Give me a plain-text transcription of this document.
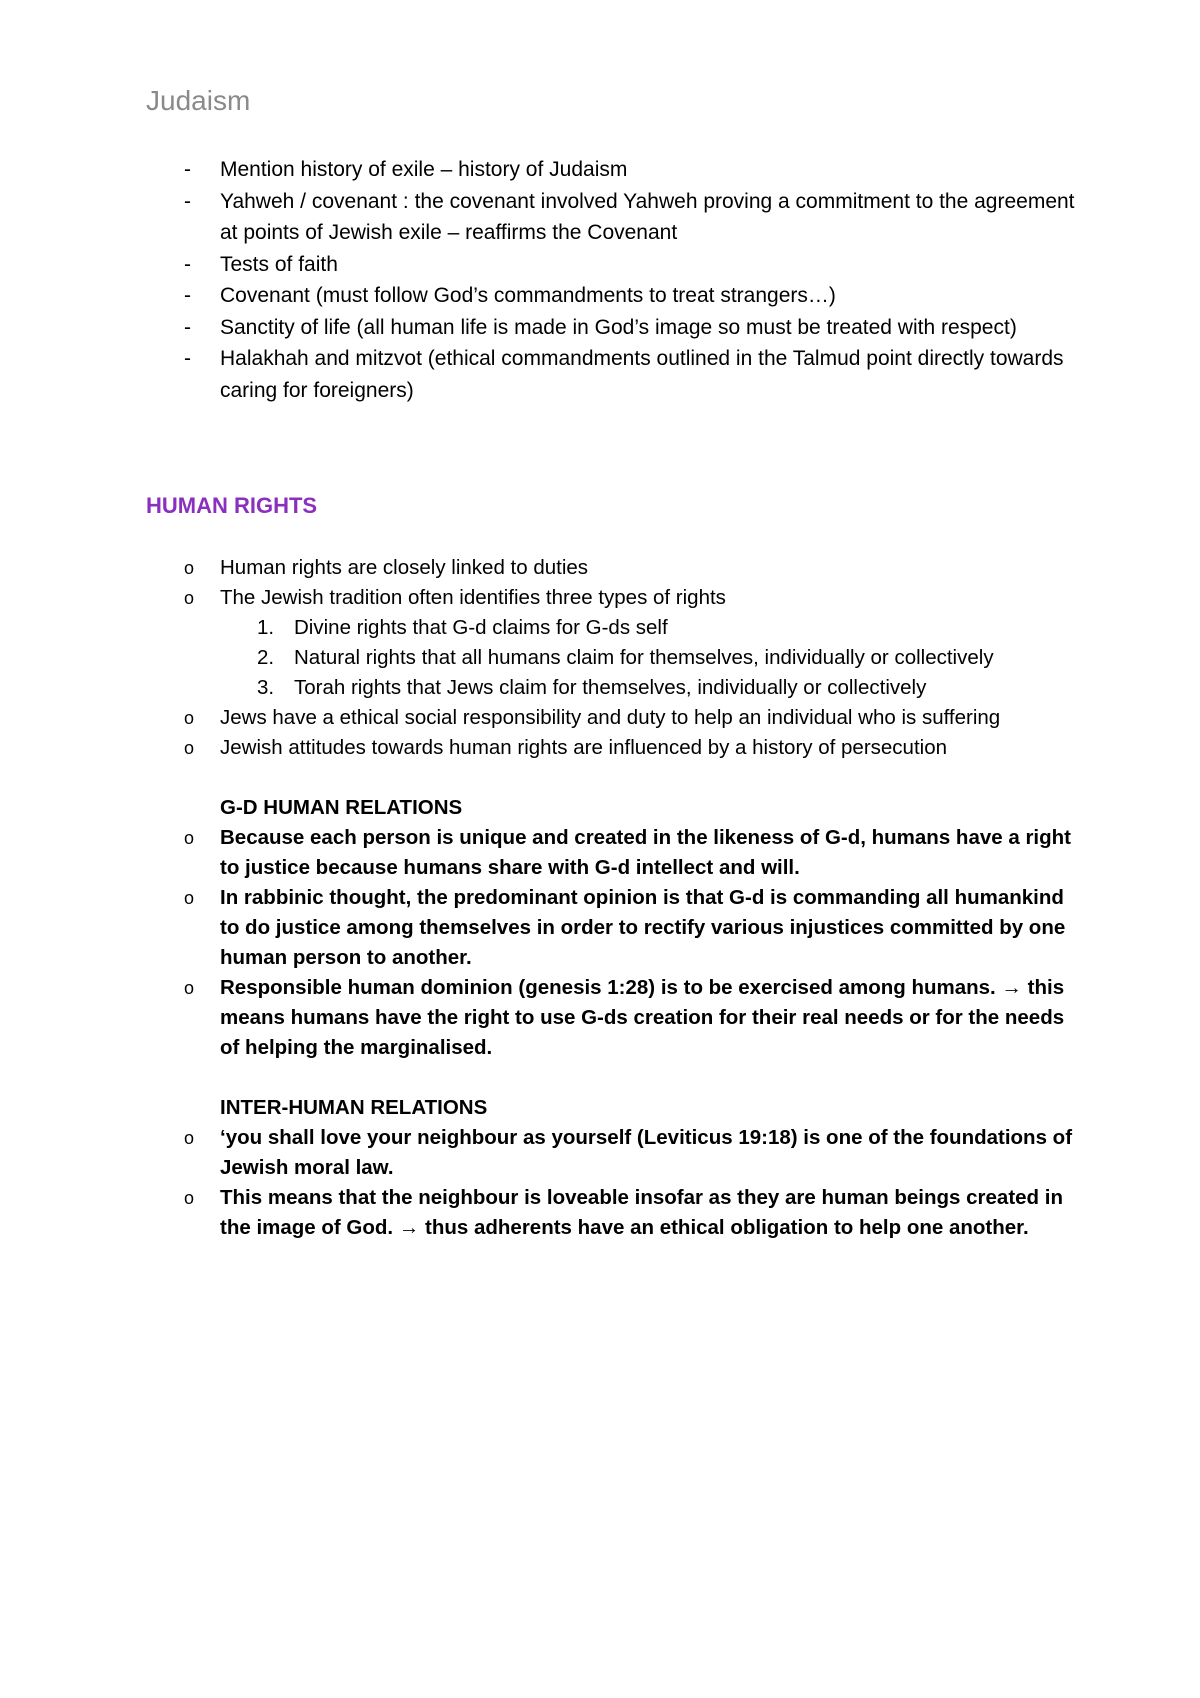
Judaism
- Mention history of exile – history of Judaism
- Yahweh / covenant : the covenant involved Yahweh proving a commitment to the agreement at points of Jewish exile – reaffirms the Covenant
- Tests of faith
- Covenant (must follow God’s commandments to treat strangers…)
- Sanctity of life (all human life is made in God’s image so must be treated with respect)
- Halakhah and mitzvot (ethical commandments outlined in the Talmud point directly towards caring for foreigners)
HUMAN RIGHTS
o Human rights are closely linked to duties
o The Jewish tradition often identifies three types of rights
1. Divine rights that G-d claims for G-ds self
2. Natural rights that all humans claim for themselves, individually or collectively
3. Torah rights that Jews claim for themselves, individually or collectively
o Jews have a ethical social responsibility and duty to help an individual who is suffering
o Jewish attitudes towards human rights are influenced by a history of persecution
G-D HUMAN RELATIONS
o Because each person is unique and created in the likeness of G-d, humans have a right to justice because humans share with G-d intellect and will.
o In rabbinic thought, the predominant opinion is that G-d is commanding all humankind to do justice among themselves in order to rectify various injustices committed by one human person to another.
o Responsible human dominion (genesis 1:28) is to be exercised among humans. → this means humans have the right to use G-ds creation for their real needs or for the needs of helping the marginalised.
INTER-HUMAN RELATIONS
o ‘you shall love your neighbour as yourself (Leviticus 19:18) is one of the foundations of Jewish moral law.
o This means that the neighbour is loveable insofar as they are human beings created in the image of God. → thus adherents have an ethical obligation to help one another.
